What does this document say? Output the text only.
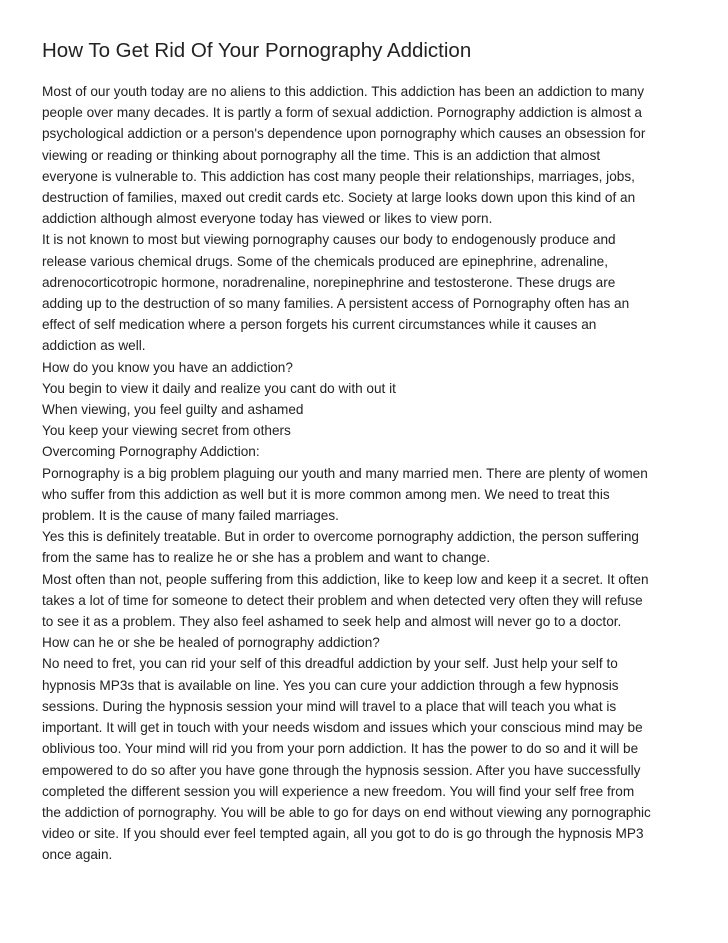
How To Get Rid Of Your Pornography Addiction
Most of our youth today are no aliens to this addiction. This addiction has been an addiction to many
people over many decades. It is partly a form of sexual addiction. Pornography addiction is almost a
psychological addiction or a person's dependence upon pornography which causes an obsession for
viewing or reading or thinking about pornography all the time. This is an addiction that almost
everyone is vulnerable to. This addiction has cost many people their relationships, marriages, jobs,
destruction of families, maxed out credit cards etc. Society at large looks down upon this kind of an
addiction although almost everyone today has viewed or likes to view porn.
It is not known to most but viewing pornography causes our body to endogenously produce and
release various chemical drugs. Some of the chemicals produced are epinephrine, adrenaline,
adrenocorticotropic hormone, noradrenaline, norepinephrine and testosterone. These drugs are
adding up to the destruction of so many families. A persistent access of Pornography often has an
effect of self medication where a person forgets his current circumstances while it causes an
addiction as well.
How do you know you have an addiction?
You begin to view it daily and realize you cant do with out it
When viewing, you feel guilty and ashamed
You keep your viewing secret from others
Overcoming Pornography Addiction:
Pornography is a big problem plaguing our youth and many married men. There are plenty of women
who suffer from this addiction as well but it is more common among men. We need to treat this
problem. It is the cause of many failed marriages.
Yes this is definitely treatable. But in order to overcome pornography addiction, the person suffering
from the same has to realize he or she has a problem and want to change.
Most often than not, people suffering from this addiction, like to keep low and keep it a secret. It often
takes a lot of time for someone to detect their problem and when detected very often they will refuse
to see it as a problem. They also feel ashamed to seek help and almost will never go to a doctor.
How can he or she be healed of pornography addiction?
No need to fret, you can rid your self of this dreadful addiction by your self. Just help your self to
hypnosis MP3s that is available on line. Yes you can cure your addiction through a few hypnosis
sessions. During the hypnosis session your mind will travel to a place that will teach you what is
important. It will get in touch with your needs wisdom and issues which your conscious mind may be
oblivious too. Your mind will rid you from your porn addiction. It has the power to do so and it will be
empowered to do so after you have gone through the hypnosis session. After you have successfully
completed the different session you will experience a new freedom. You will find your self free from
the addiction of pornography. You will be able to go for days on end without viewing any pornographic
video or site. If you should ever feel tempted again, all you got to do is go through the hypnosis MP3
once again.
